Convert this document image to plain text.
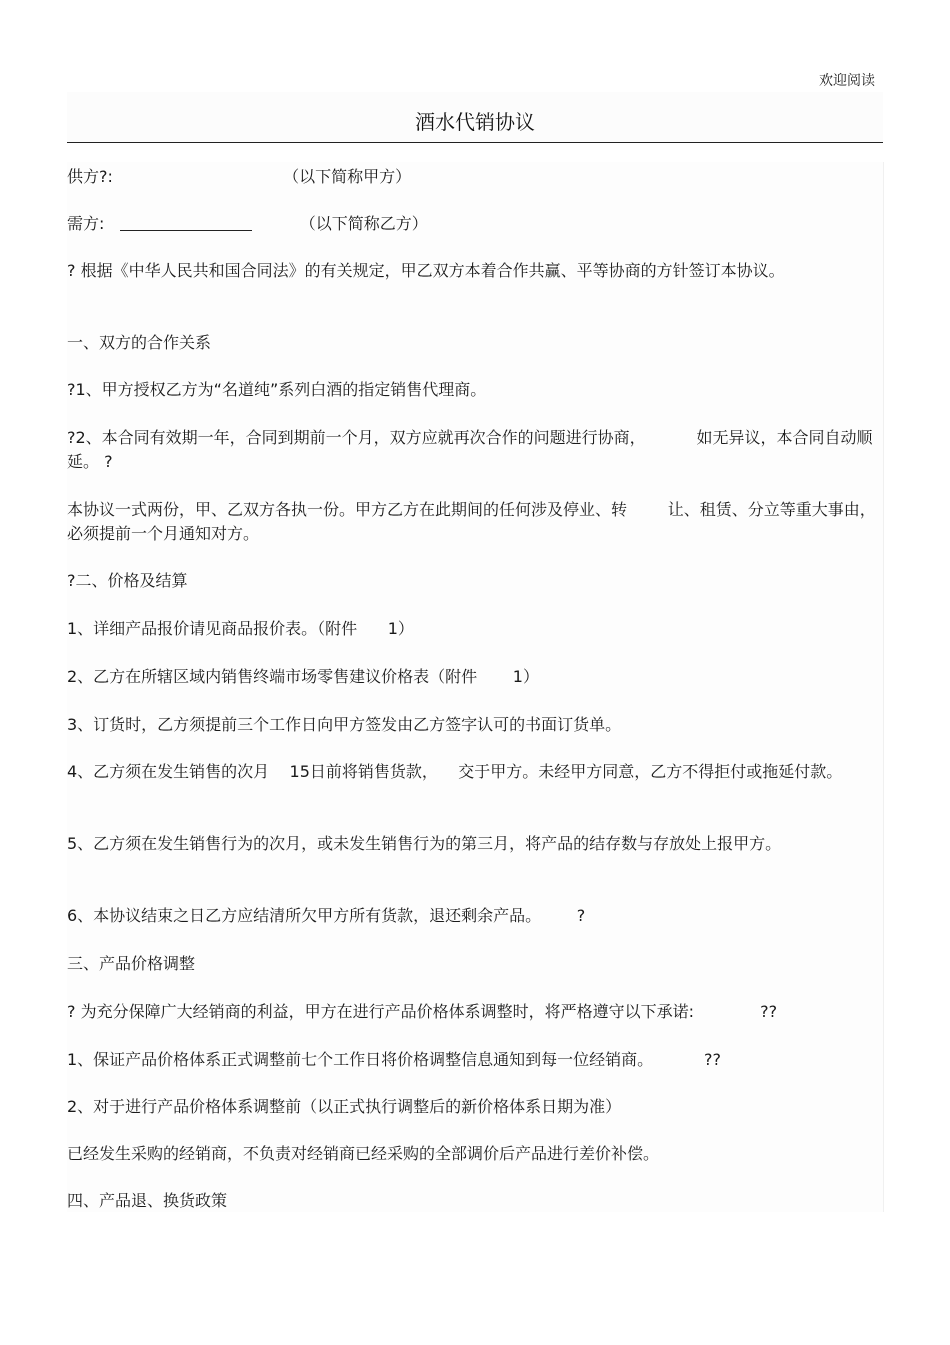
欢迎阅读
酒水代销协议
供方?:	（以下简称甲方）
需方:	（以下简称乙方）
? 根据《中华人民共和国合同法》的有关规定，甲乙双方本着合作共赢、平等协商的方针签订本协议。
一、双方的合作关系
?1、甲方授权乙方为“名道纯”系列白酒的指定销售代理商。
?2、本合同有效期一年，合同到期前一个月，双方应就再次合作的问题进行协商，          如无异议，本合同自动顺延。 ?
本协议一式两份，甲、乙双方各执一份。甲方乙方在此期间的任何涉及停业、转        让、租赁、分立等重大事由，必须提前一个月通知对方。
?二、价格及结算
1、详细产品报价请见商品报价表。（附件      1）
2、乙方在所辖区域内销售终端市场零售建议价格表（附件       1）
3、订货时，乙方须提前三个工作日向甲方签发由乙方签字认可的书面订货单。
4、乙方须在发生销售的次月    15日前将销售货款，    交于甲方。未经甲方同意，乙方不得拒付或拖延付款。
5、乙方须在发生销售行为的次月，或未发生销售行为的第三月，将产品的结存数与存放处上报甲方。
6、本协议结束之日乙方应结清所欠甲方所有货款，退还剩余产品。       ?
三、产品价格调整
? 为充分保障广大经销商的利益，甲方在进行产品价格体系调整时，将严格遵守以下承诺:             ??
1、保证产品价格体系正式调整前七个工作日将价格调整信息通知到每一位经销商。          ??
2、对于进行产品价格体系调整前（以正式执行调整后的新价格体系日期为准）
已经发生采购的经销商，不负责对经销商已经采购的全部调价后产品进行差价补偿。
四、产品退、换货政策
